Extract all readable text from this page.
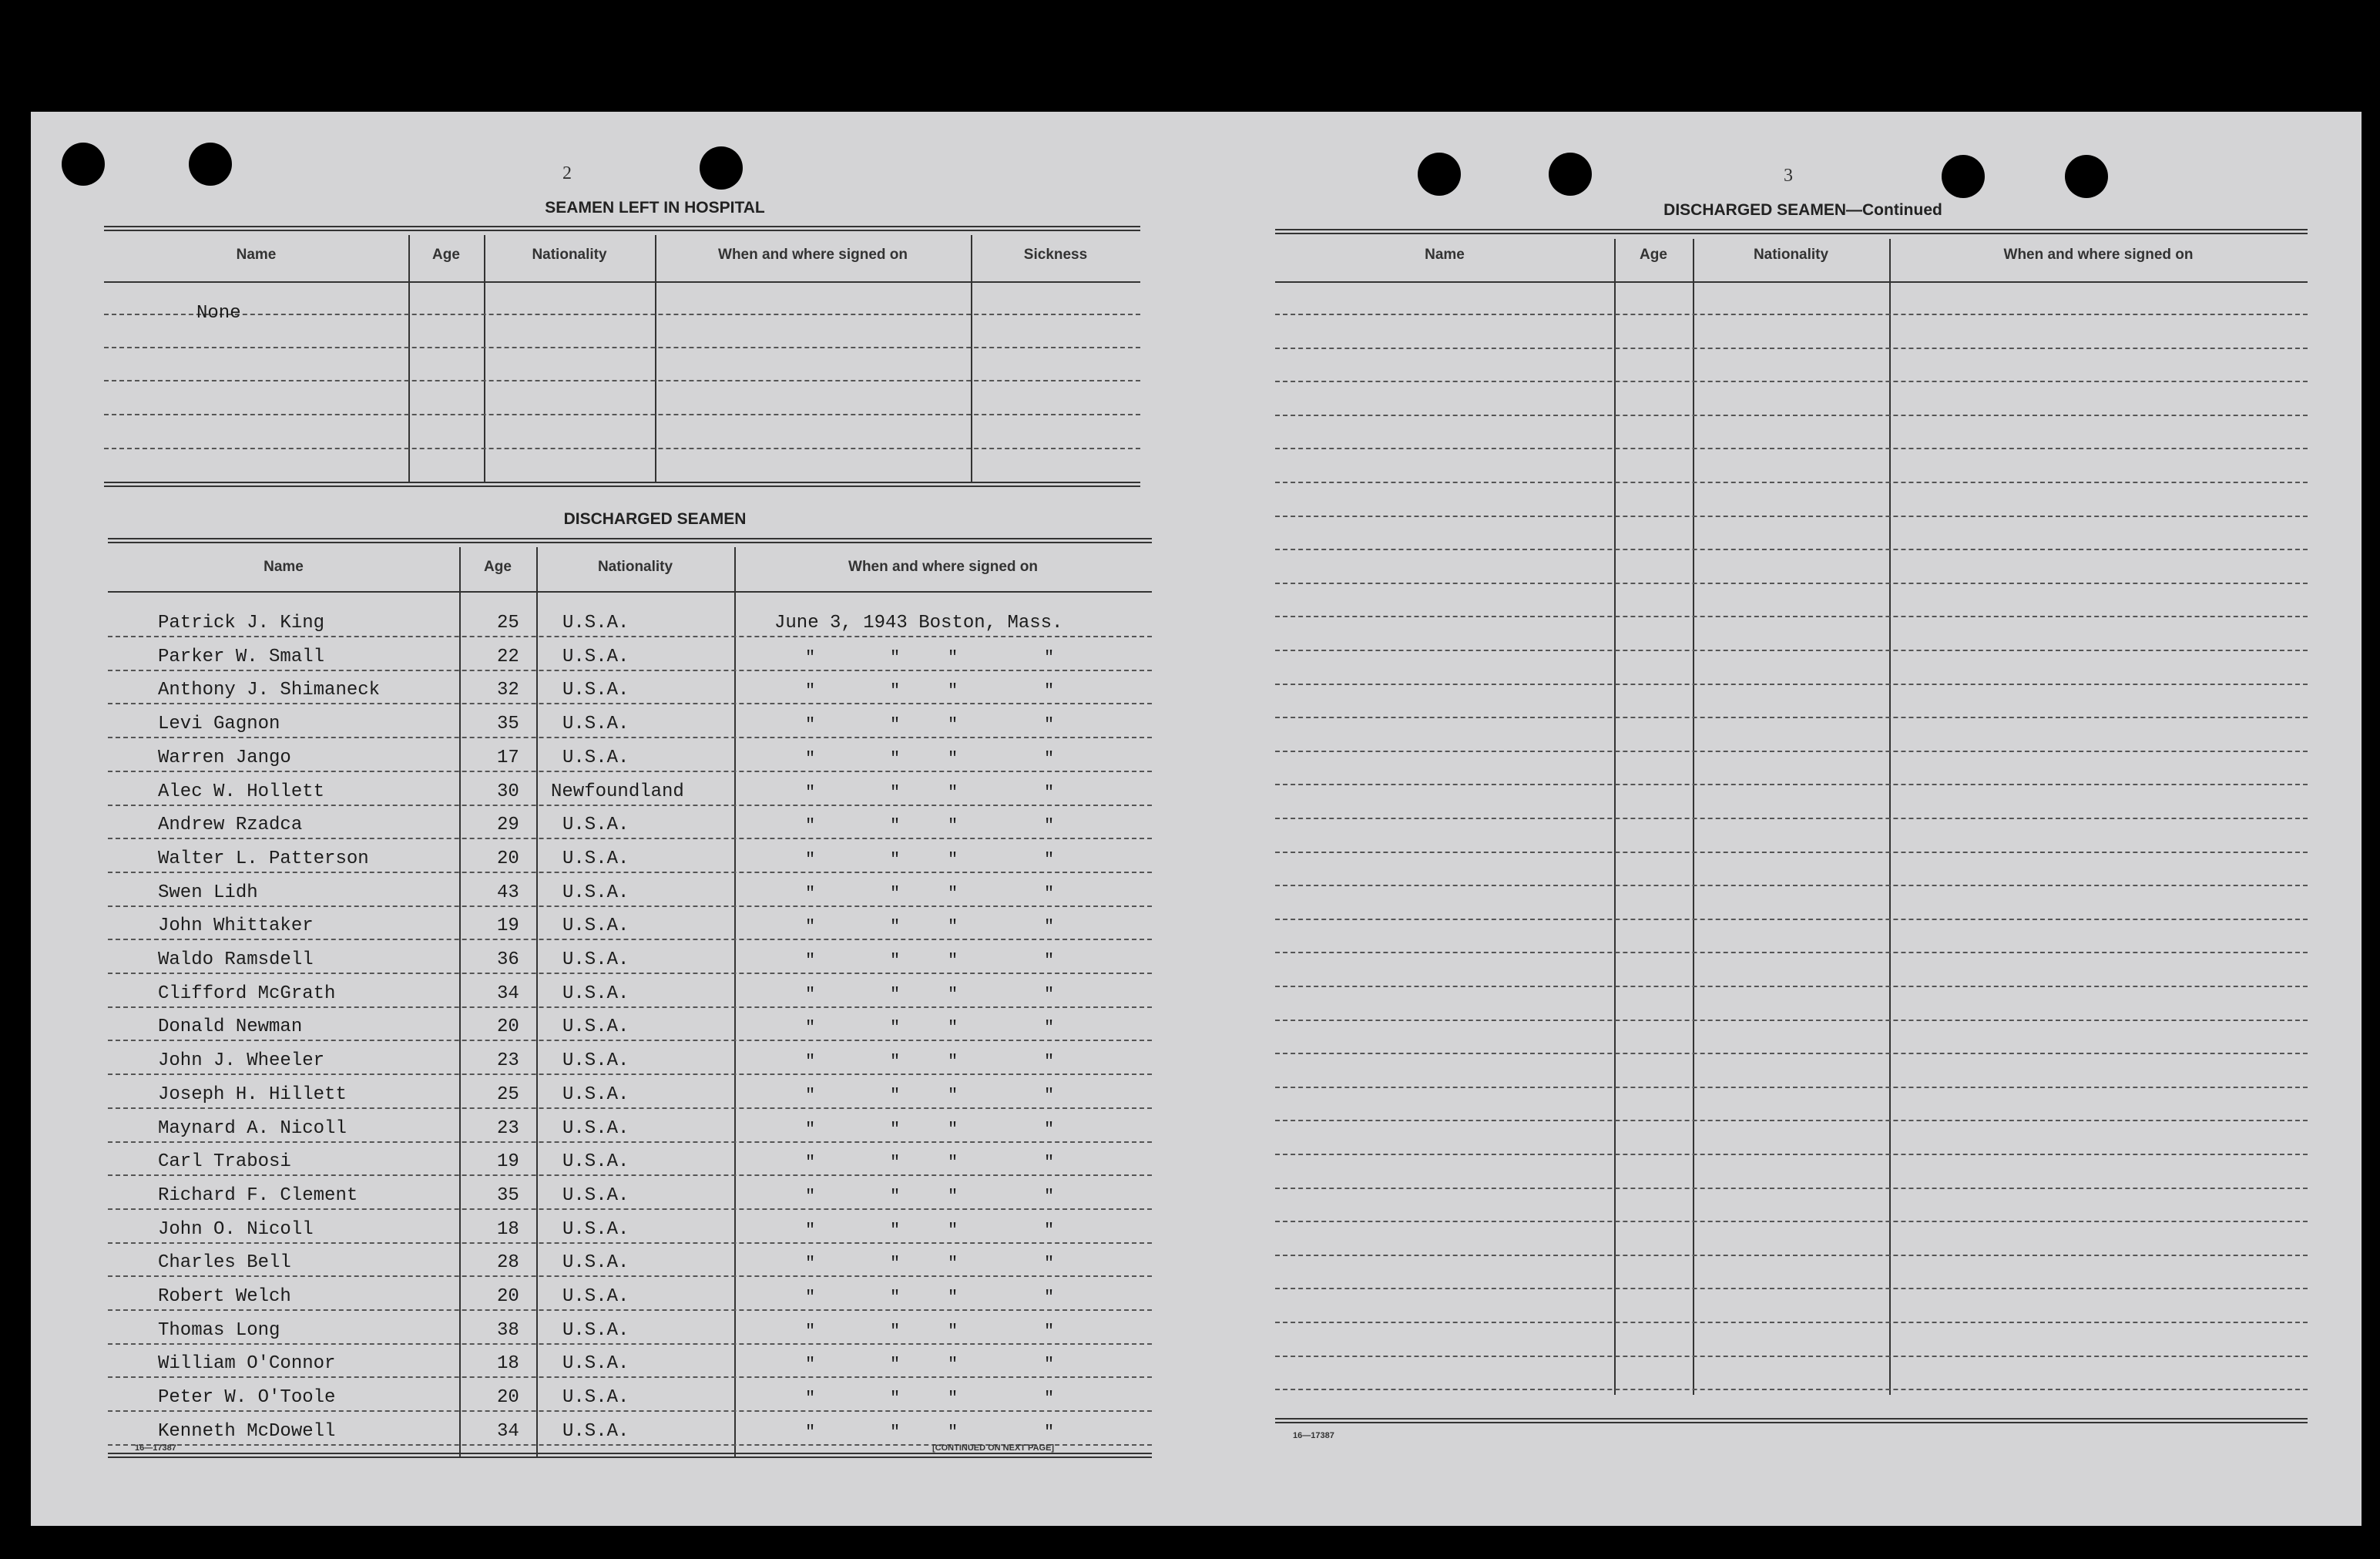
2
SEAMEN LEFT IN HOSPITAL
Name	Age	Nationality	When and where signed on	Sickness
None
DISCHARGED SEAMEN
Name	Age	Nationality	When and where signed on
Patrick J. King	25 U.S.A.	June 3, 1943 Boston, Mass.
Parker W. Small	22 U.S.A.	"	"	"	"
Anthony J. Shimaneck	32 U.S.A.	"	"	"	"
Levi Gagnon	35 U.S.A.	"	"	"	"
Warren Jango	17 U.S.A.	"	"	"	"
Alec W. Hollett	30 Newfoundland	"	"	"	"
Andrew Rzadca	29 U.S.A.	"	"	"	"
Walter L. Patterson	20 U.S.A.	"	"	"	"
Swen Lidh	43 U.S.A.	"	"	"	"
John Whittaker	19 U.S.A.	"	"	"	"
Waldo Ramsdell	36 U.S.A.	"	"	"	"
Clifford McGrath	34 U.S.A.	"	"	"	"
Donald Newman	20 U.S.A.	"	"	"	"
John J. Wheeler	23 U.S.A.	"	"	"	"
Joseph H. Hillett	25 U.S.A.	"	"	"	"
Maynard A. Nicoll	23 U.S.A.	"	"	"	"
Carl Trabosi	19 U.S.A.	"	"	"	"
Richard F. Clement	35 U.S.A.	"	"	"	"
John O. Nicoll	18 U.S.A.	"	"	"	"
Charles Bell	28 U.S.A.	"	"	"	"
Robert Welch	20 U.S.A.	"	"	"	"
Thomas Long	38 U.S.A.	"	"	"	"
William O'Connor	18 U.S.A.	"	"	"	"
Peter W. O'Toole	20 U.S.A.	"	"	"	"
Kenneth McDowell	34 U.S.A.	"	"	"	"
16—17387	[CONTINUED ON NEXT PAGE]
3
DISCHARGED SEAMEN—Continued
Name	Age	Nationality	When and where signed on
16—17387
